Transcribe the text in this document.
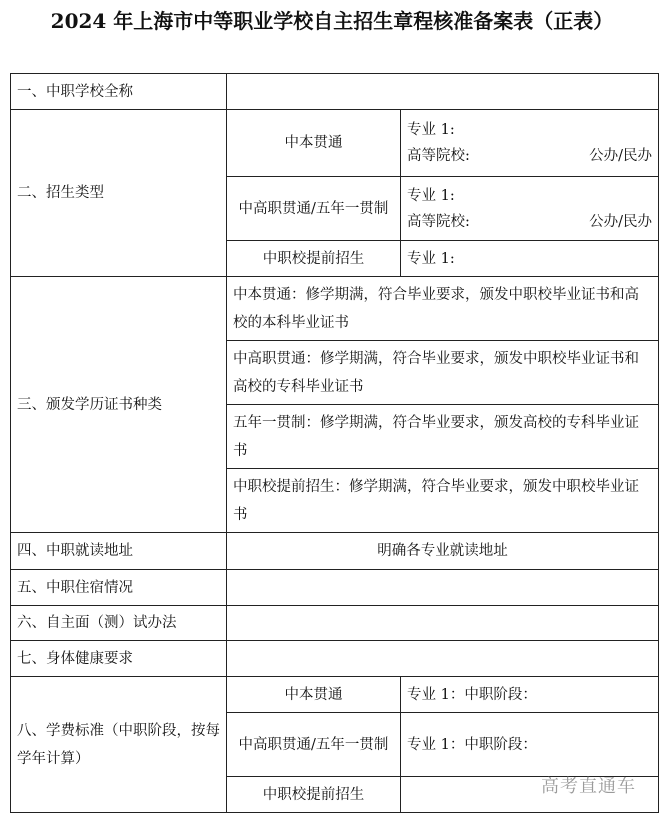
2024 年上海市中等职业学校自主招生章程核准备案表（正表）
一、中职学校全称		
二、招生类型	中本贯通	专业 1:
高等院校: 公办/民办

	中高职贯通/五年一贯制	专业 1:
高等院校: 公办/民办

	中职校提前招生	专业 1:
三、颁发学历证书种类	中本贯通：修学期满，符合毕业要求，颁发中职校毕业证书和高校的本科毕业证书	

	中高职贯通：修学期满，符合毕业要求，颁发中职校毕业证书和高校的专科毕业证书	

	五年一贯制：修学期满，符合毕业要求，颁发高校的专科毕业证书	

	中职校提前招生：修学期满，符合毕业要求，颁发中职校毕业证书	

四、中职就读地址	明确各专业就读地址	
五、中职住宿情况		
六、自主面（测）试办法		
七、身体健康要求		

八、学费标准（中职阶段，按每学年计算）	中本贯通	专业 1：中职阶段：
	中高职贯通/五年一贯制	专业 1：中职阶段：
	中职校提前招生		高考直通车
